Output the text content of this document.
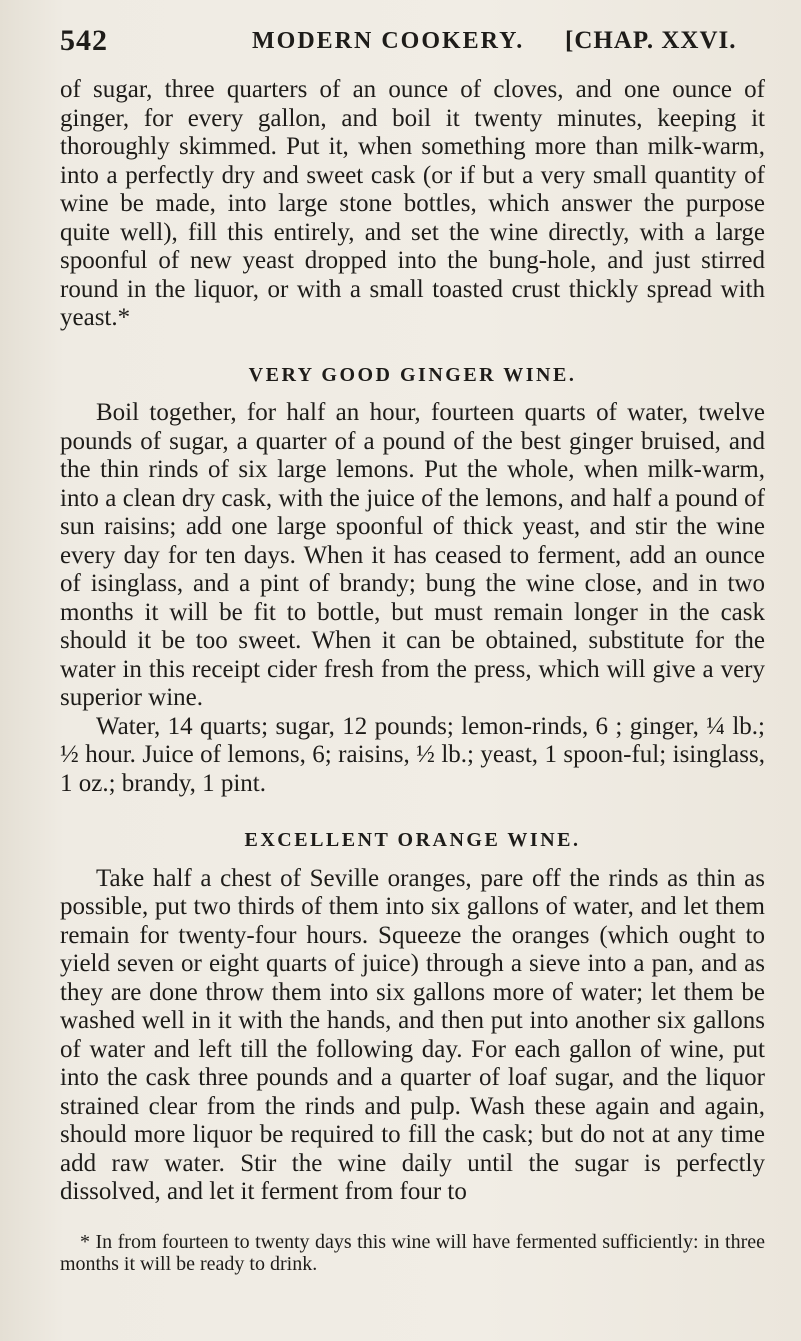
542	MODERN COOKERY. [CHAP. XXVI.

of sugar, three quarters of an ounce of cloves, and one ounce of ginger, for every gallon, and boil it twenty minutes, keeping it thoroughly skimmed. Put it, when something more than milk-warm, into a perfectly dry and sweet cask (or if but a very small quantity of wine be made, into large stone bottles, which answer the purpose quite well), fill this entirely, and set the wine directly, with a large spoonful of new yeast dropped into the bung-hole, and just stirred round in the liquor, or with a small toasted crust thickly spread with yeast.*

VERY GOOD GINGER WINE.

Boil together, for half an hour, fourteen quarts of water, twelve pounds of sugar, a quarter of a pound of the best ginger bruised, and the thin rinds of six large lemons. Put the whole, when milk-warm, into a clean dry cask, with the juice of the lemons, and half a pound of sun raisins; add one large spoonful of thick yeast, and stir the wine every day for ten days. When it has ceased to ferment, add an ounce of isinglass, and a pint of brandy; bung the wine close, and in two months it will be fit to bottle, but must remain longer in the cask should it be too sweet. When it can be obtained, substitute for the water in this receipt cider fresh from the press, which will give a very superior wine.

Water, 14 quarts; sugar, 12 pounds; lemon-rinds, 6 ; ginger, ¼ lb.; ½ hour. Juice of lemons, 6; raisins, ½ lb.; yeast, 1 spoon-ful; isinglass, 1 oz.; brandy, 1 pint.

EXCELLENT ORANGE WINE.

Take half a chest of Seville oranges, pare off the rinds as thin as possible, put two thirds of them into six gallons of water, and let them remain for twenty-four hours. Squeeze the oranges (which ought to yield seven or eight quarts of juice) through a sieve into a pan, and as they are done throw them into six gallons more of water; let them be washed well in it with the hands, and then put into another six gallons of water and left till the following day. For each gallon of wine, put into the cask three pounds and a quarter of loaf sugar, and the liquor strained clear from the rinds and pulp. Wash these again and again, should more liquor be required to fill the cask; but do not at any time add raw water. Stir the wine daily until the sugar is perfectly dissolved, and let it ferment from four to

* In from fourteen to twenty days this wine will have fermented sufficiently: in three months it will be ready to drink.
